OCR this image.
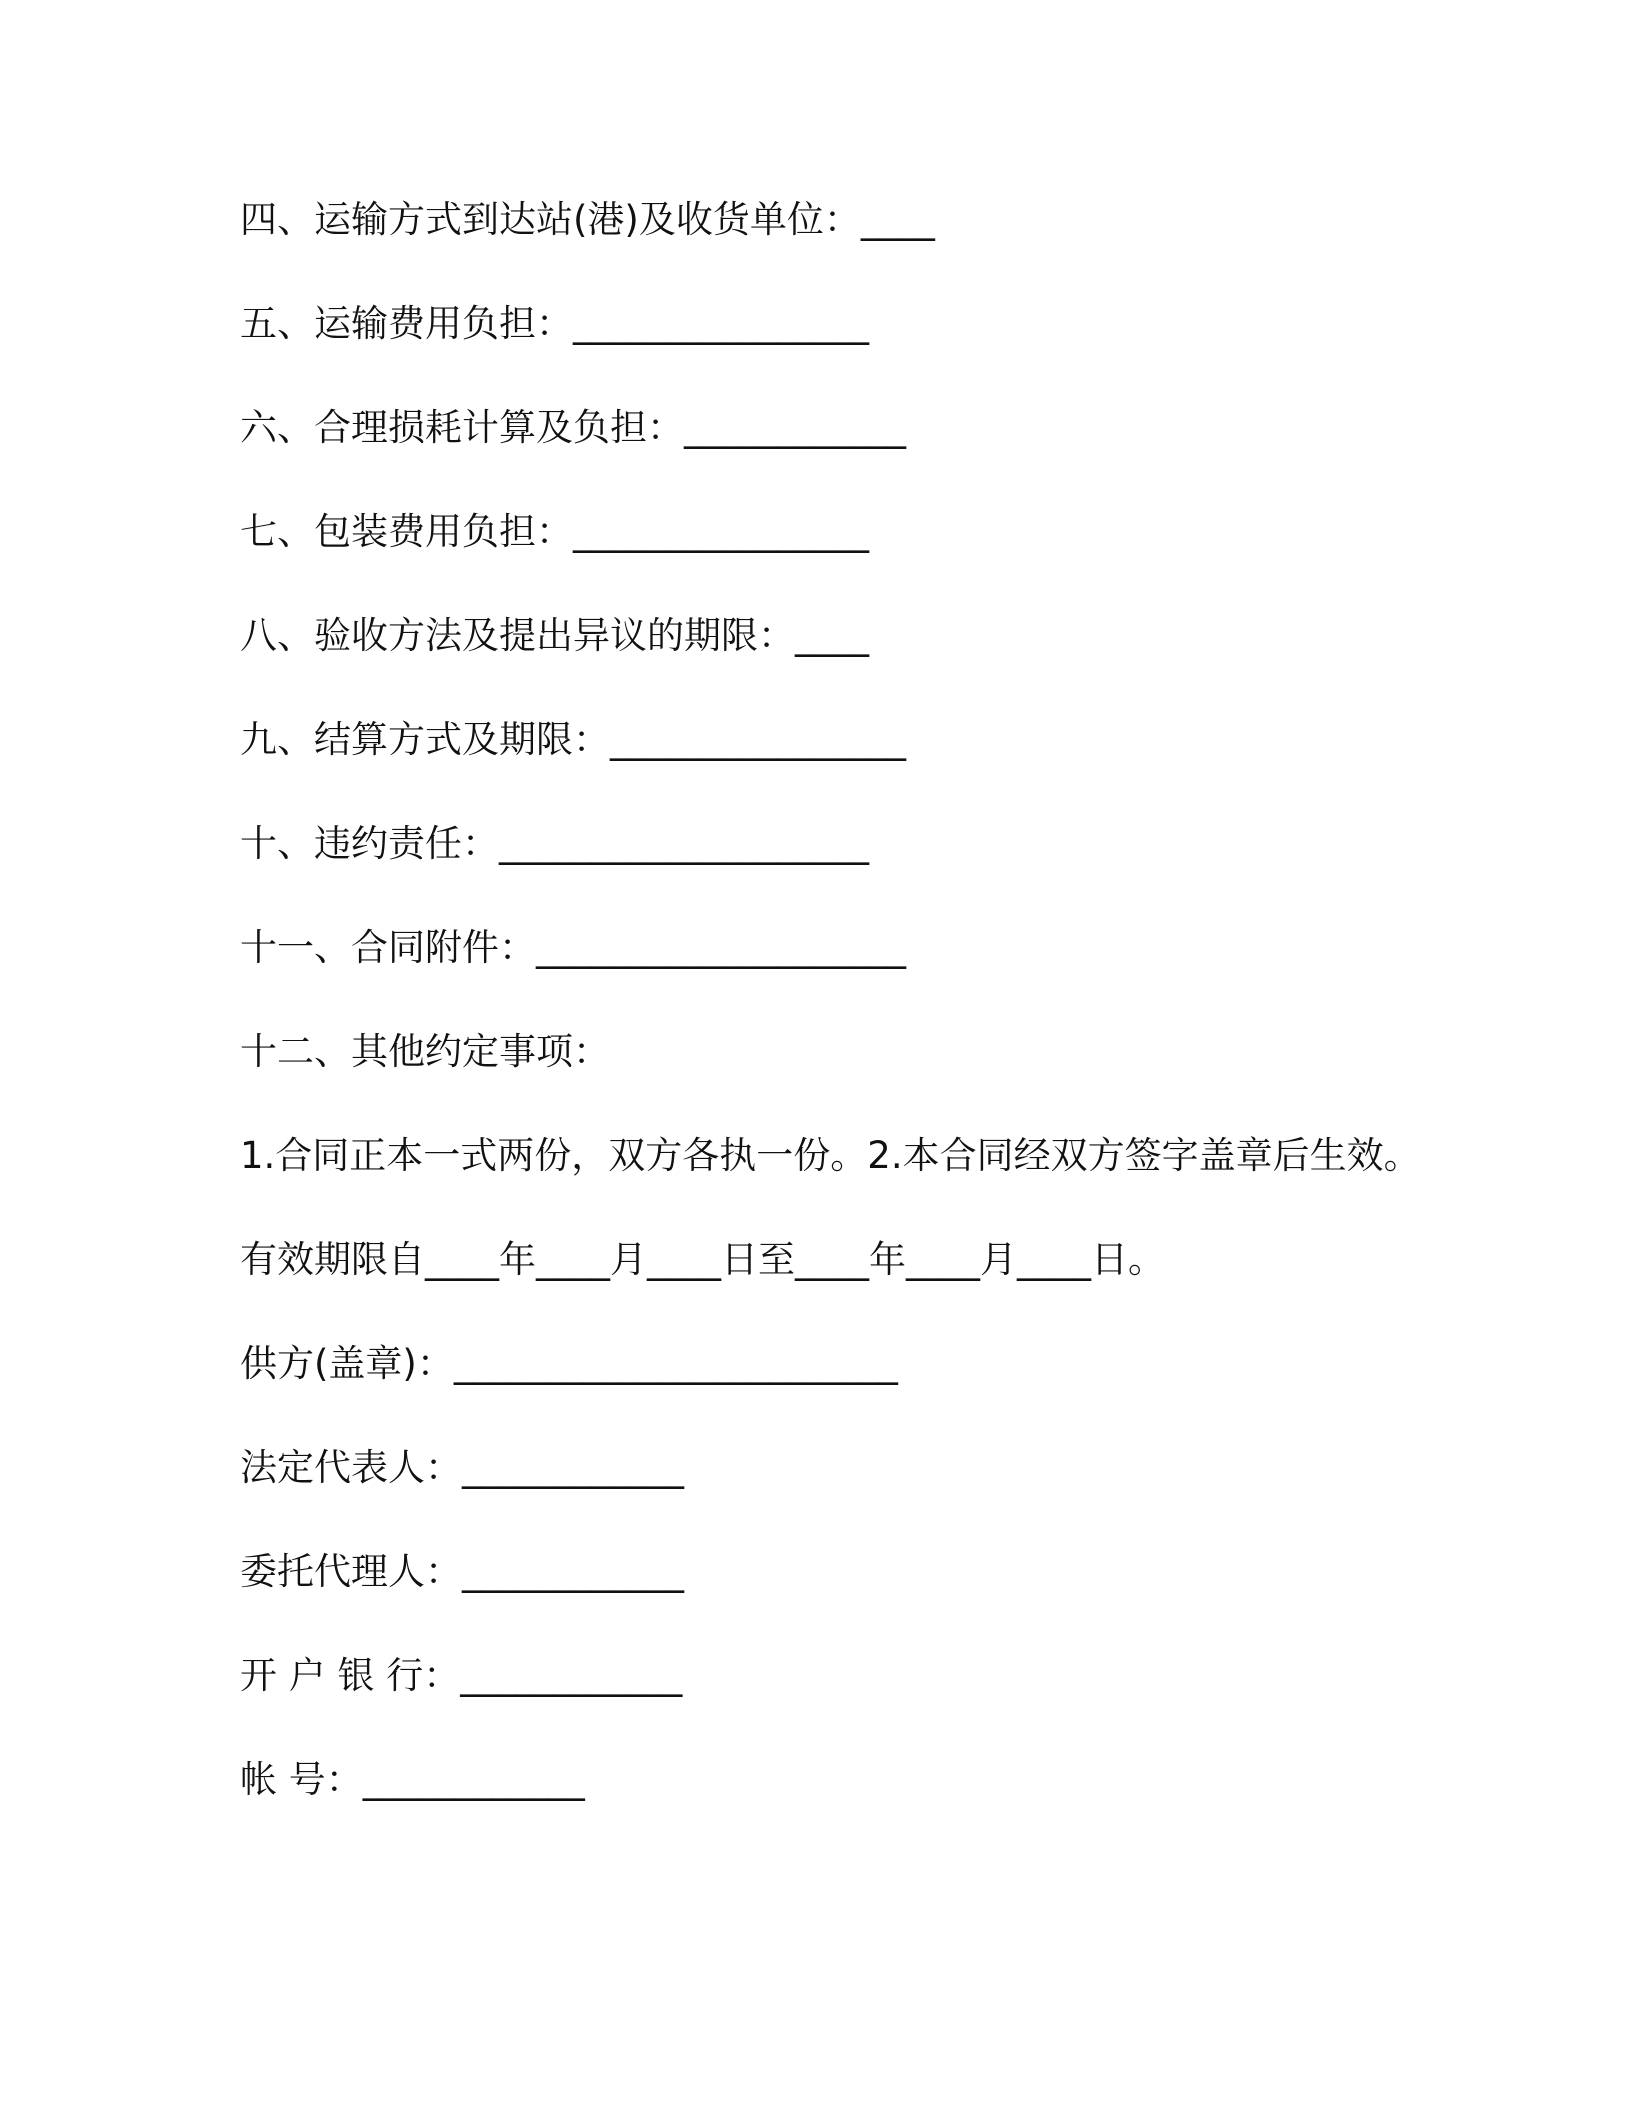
四、运输方式到达站(港)及收货单位：____
五、运输费用负担：________________
六、合理损耗计算及负担：____________
七、包装费用负担：________________
八、验收方法及提出异议的期限：____
九、结算方式及期限：________________
十、违约责任：____________________
十一、合同附件：____________________
十二、其他约定事项：
1.合同正本一式两份，双方各执一份。2.本合同经双方签字盖章后生效。
有效期限自____年____月____日至____年____月____日。
供方(盖章)：________________________
法定代表人：____________
委托代理人：____________
开 户 银 行：____________
帐 号：____________
